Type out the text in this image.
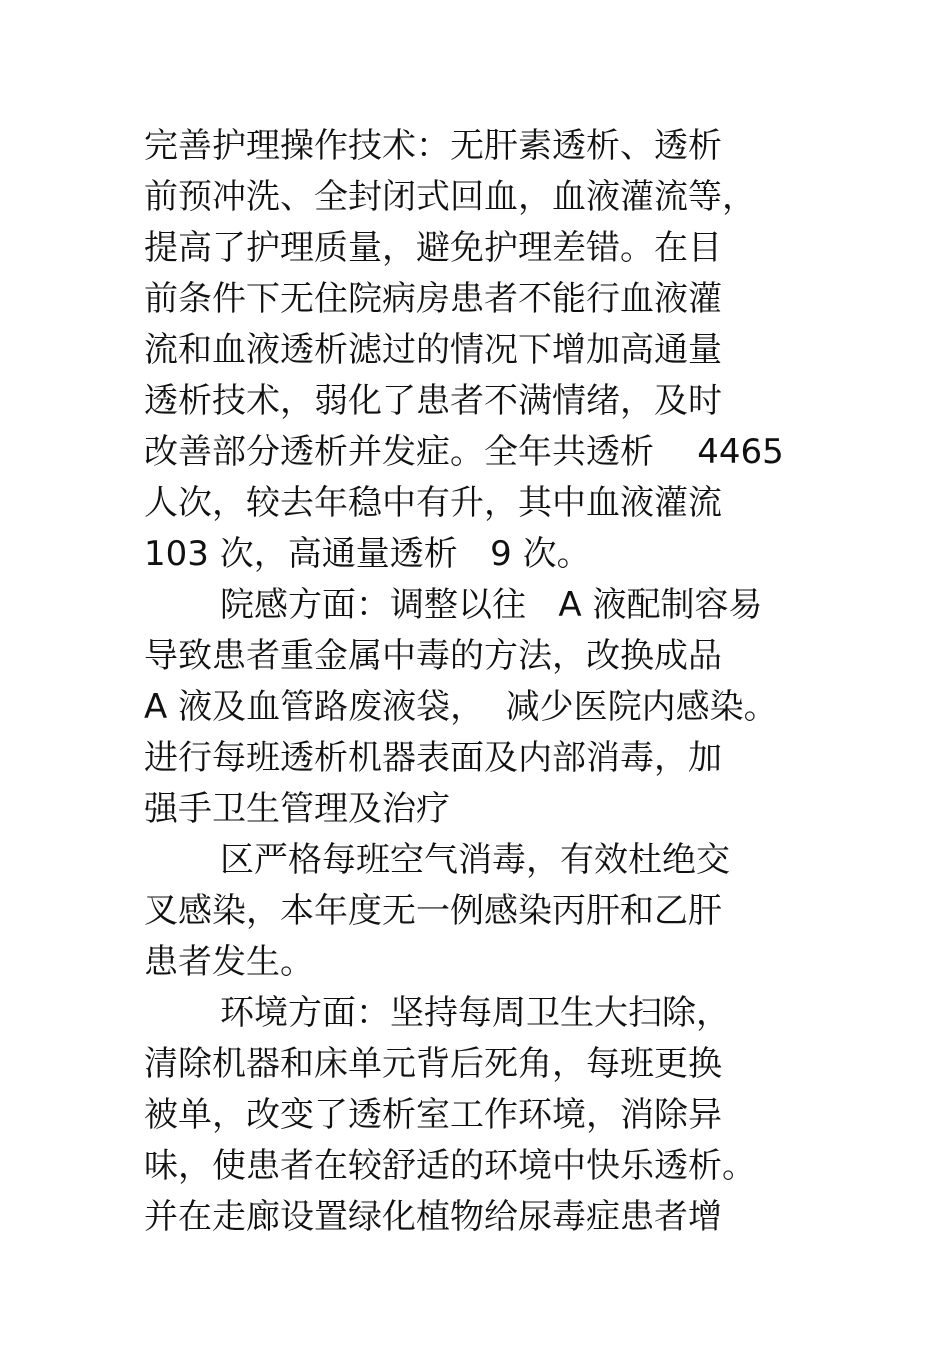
完善护理操作技术：无肝素透析、透析
前预冲洗、全封闭式回血，血液灌流等，
提高了护理质量，避免护理差错。在目
前条件下无住院病房患者不能行血液灌
流和血液透析滤过的情况下增加高通量
透析技术，弱化了患者不满情绪，及时
改善部分透析并发症。全年共透析    4465
人次，较去年稳中有升，其中血液灌流
103 次，高通量透析   9 次。
院感方面：调整以往   A 液配制容易
导致患者重金属中毒的方法，改换成品
A 液及血管路废液袋，  减少医院内感染。
进行每班透析机器表面及内部消毒，加
强手卫生管理及治疗
区严格每班空气消毒，有效杜绝交
叉感染，本年度无一例感染丙肝和乙肝
患者发生。
环境方面：坚持每周卫生大扫除，
清除机器和床单元背后死角，每班更换
被单，改变了透析室工作环境，消除异
味，使患者在较舒适的环境中快乐透析。
并在走廊设置绿化植物给尿毒症患者增
